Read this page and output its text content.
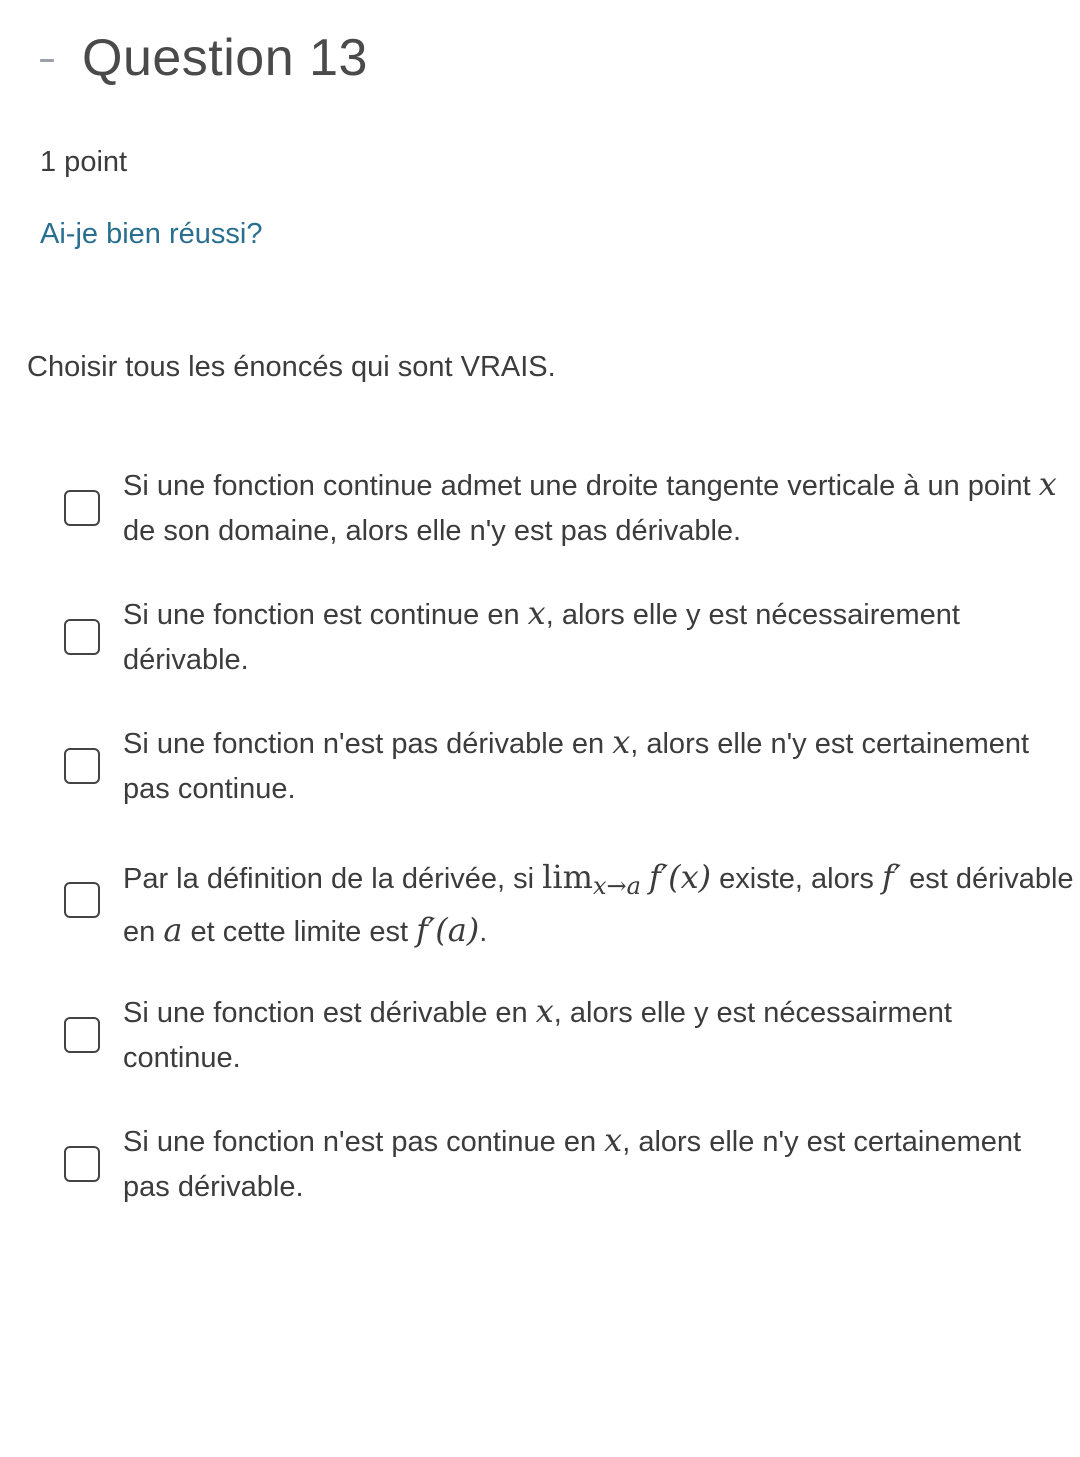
Question 13
1 point
Ai-je bien réussi?
Choisir tous les énoncés qui sont VRAIS.
Si une fonction continue admet une droite tangente verticale à un point x de son domaine, alors elle n'y est pas dérivable.
Si une fonction est continue en x, alors elle y est nécessairement dérivable.
Si une fonction n'est pas dérivable en x, alors elle n'y est certainement pas continue.
Par la définition de la dérivée, si $\lim_{x\to a} f'(x)$ existe, alors f′ est dérivable en a et cette limite est f′(a).
Si une fonction est dérivable en x, alors elle y est nécessairment continue.
Si une fonction n'est pas continue en x, alors elle n'y est certainement pas dérivable.
